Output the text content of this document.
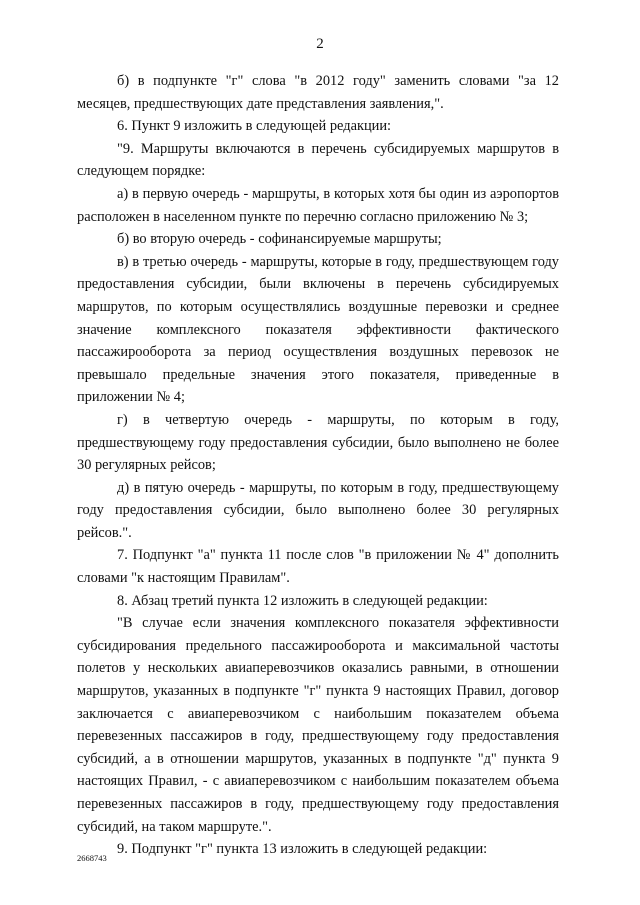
2

б) в подпункте "г" слова "в 2012 году" заменить словами "за 12 месяцев, предшествующих дате представления заявления,".

6. Пункт 9 изложить в следующей редакции:

"9. Маршруты включаются в перечень субсидируемых маршрутов в следующем порядке:

а) в первую очередь - маршруты, в которых хотя бы один из аэропортов расположен в населенном пункте по перечню согласно приложению № 3;

б) во вторую очередь - софинансируемые маршруты;

в) в третью очередь - маршруты, которые в году, предшествующем году предоставления субсидии, были включены в перечень субсидируемых маршрутов, по которым осуществлялись воздушные перевозки и среднее значение комплексного показателя эффективности фактического пассажирооборота за период осуществления воздушных перевозок не превышало предельные значения этого показателя, приведенные в приложении № 4;

г) в четвертую очередь - маршруты, по которым в году, предшествующему году предоставления субсидии, было выполнено не более 30 регулярных рейсов;

д) в пятую очередь - маршруты, по которым в году, предшествующему году предоставления субсидии, было выполнено более 30 регулярных рейсов.".

7. Подпункт "а" пункта 11 после слов "в приложении № 4" дополнить словами "к настоящим Правилам".

8. Абзац третий пункта 12 изложить в следующей редакции:

"В случае если значения комплексного показателя эффективности субсидирования предельного пассажирооборота и максимальной частоты полетов у нескольких авиаперевозчиков оказались равными, в отношении маршрутов, указанных в подпункте "г" пункта 9 настоящих Правил, договор заключается с авиаперевозчиком с наибольшим показателем объема перевезенных пассажиров в году, предшествующему году предоставления субсидий, а в отношении маршрутов, указанных в подпункте "д" пункта 9 настоящих Правил, - с авиаперевозчиком с наибольшим показателем объема перевезенных пассажиров в году, предшествующему году предоставления субсидий, на таком маршруте.".

9. Подпункт "г" пункта 13 изложить в следующей редакции:

2668743
